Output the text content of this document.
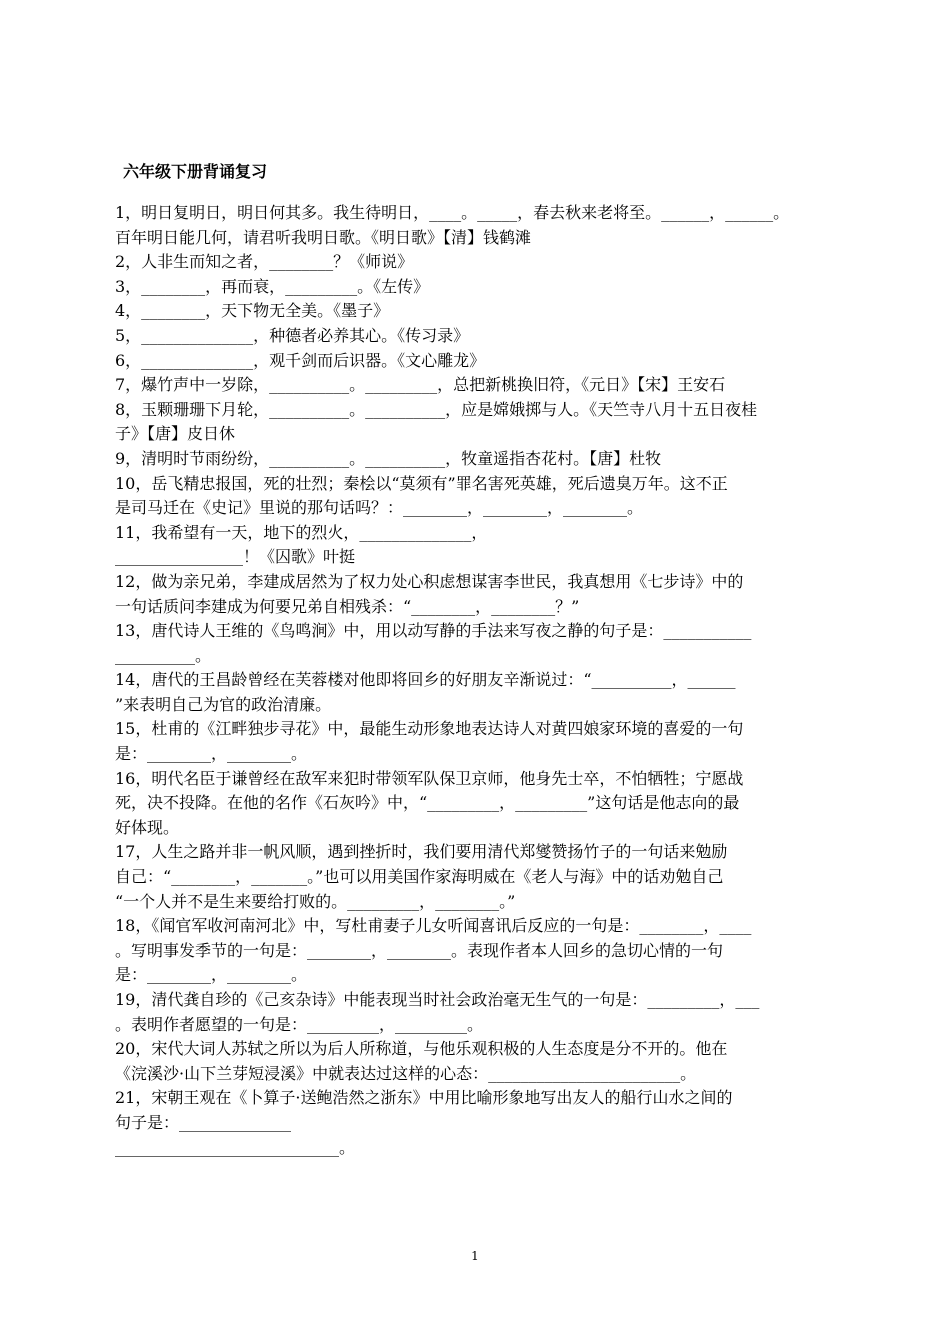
六年级下册背诵复习
1，明日复明日，明日何其多。我生待明日，____。_____，春去秋来老将至。______，______。
百年明日能几何，请君听我明日歌。《明日歌》【清】钱鹤滩
2，人非生而知之者，________？《师说》
3，________，再而衰，_________。《左传》
4，________，天下物无全美。《墨子》
5，______________，种德者必养其心。《传习录》
6，______________，观千剑而后识器。《文心雕龙》
7，爆竹声中一岁除，__________。_________，总把新桃换旧符，《元日》【宋】王安石
8，玉颗珊珊下月轮，__________。__________，应是嫦娥掷与人。《天竺寺八月十五日夜桂
子》【唐】皮日休
9，清明时节雨纷纷，__________。__________，牧童遥指杏花村。【唐】杜牧
10，岳飞精忠报国，死的壮烈；秦桧以“莫须有”罪名害死英雄，死后遗臭万年。这不正
是司马迁在《史记》里说的那句话吗？：________，________，________。
11，我希望有一天，地下的烈火，______________，
________________！《囚歌》叶挺
12，做为亲兄弟，李建成居然为了权力处心积虑想谋害李世民，我真想用《七步诗》中的
一句话质问李建成为何要兄弟自相残杀：“________，________？”
13，唐代诗人王维的《鸟鸣涧》中，用以动写静的手法来写夜之静的句子是：___________
__________。
14，唐代的王昌龄曾经在芙蓉楼对他即将回乡的好朋友辛渐说过：“__________，______
”来表明自己为官的政治清廉。
15，杜甫的《江畔独步寻花》中，最能生动形象地表达诗人对黄四娘家环境的喜爱的一句
是：________，________。
16，明代名臣于谦曾经在敌军来犯时带领军队保卫京师，他身先士卒，不怕牺牲；宁愿战
死，决不投降。在他的名作《石灰吟》中，“_________，_________”这句话是他志向的最
好体现。
17，人生之路并非一帆风顺，遇到挫折时，我们要用清代郑燮赞扬竹子的一句话来勉励
自己：“________，_______。”也可以用美国作家海明威在《老人与海》中的话劝勉自己
“一个人并不是生来要给打败的。_________，________。”
18，《闻官军收河南河北》中，写杜甫妻子儿女听闻喜讯后反应的一句是：________，____
。写明事发季节的一句是：________，________。表现作者本人回乡的急切心情的一句
是：________，________。
19，清代龚自珍的《己亥杂诗》中能表现当时社会政治毫无生气的一句是：_________，___
。表明作者愿望的一句是：_________，_________。
20，宋代大词人苏轼之所以为后人所称道，与他乐观积极的人生态度是分不开的。他在
《浣溪沙·山下兰芽短浸溪》中就表达过这样的心态：________________________。
21，宋朝王观在《卜算子·送鲍浩然之浙东》中用比喻形象地写出友人的船行山水之间的
句子是：______________
____________________________。
1
